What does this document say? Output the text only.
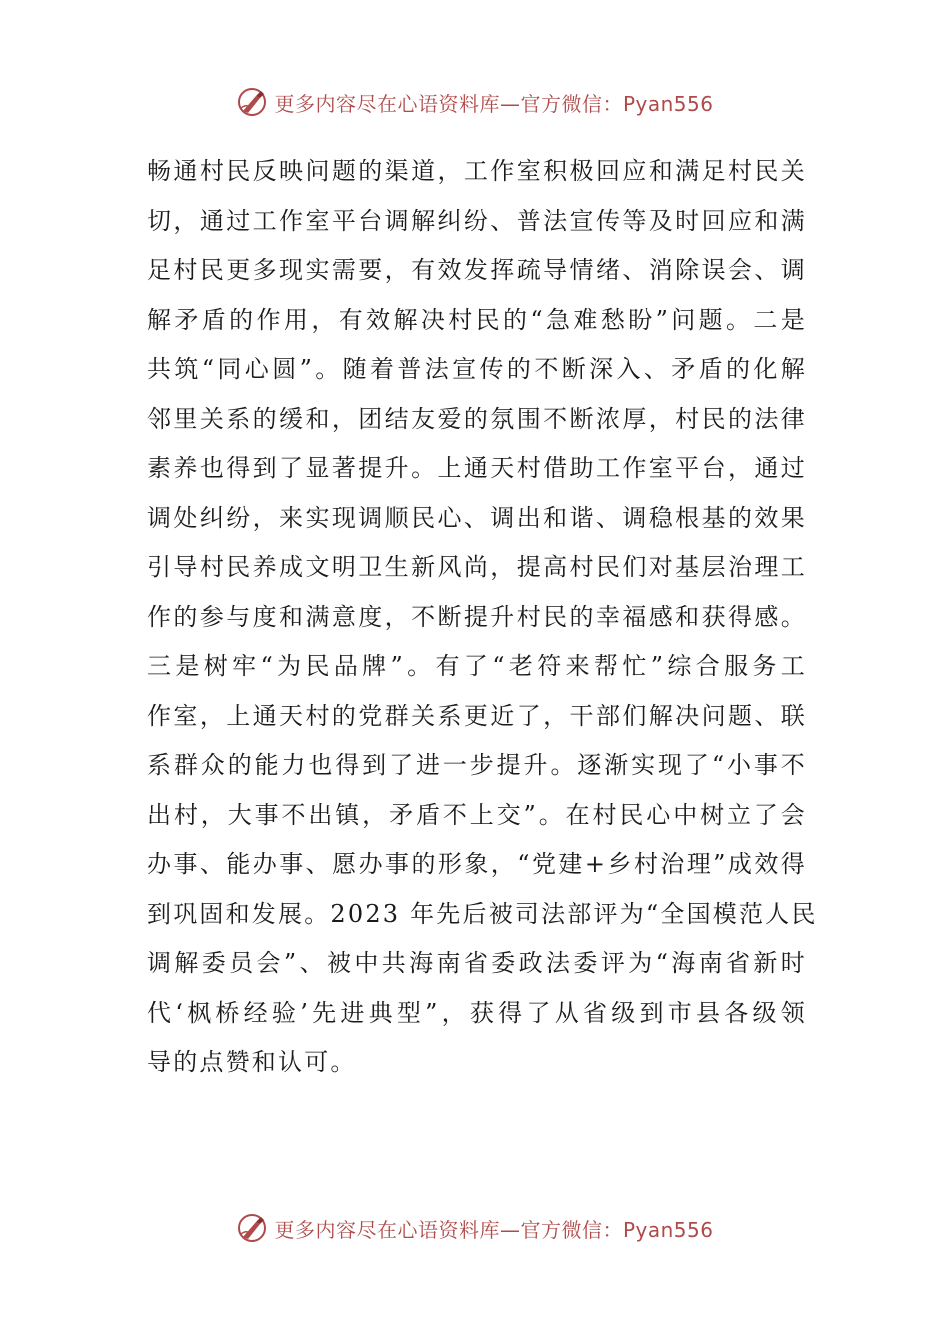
更多内容尽在心语资料库—官方微信：Pyan556
畅通村民反映问题的渠道，工作室积极回应和满足村民关
切，通过工作室平台调解纠纷、普法宣传等及时回应和满
足村民更多现实需要，有效发挥疏导情绪、消除误会、调
解矛盾的作用，有效解决村民的“急难愁盼”问题。二是
共筑“同心圆”。随着普法宣传的不断深入、矛盾的化解
邻里关系的缓和，团结友爱的氛围不断浓厚，村民的法律
素养也得到了显著提升。上通天村借助工作室平台，通过
调处纠纷，来实现调顺民心、调出和谐、调稳根基的效果
引导村民养成文明卫生新风尚，提高村民们对基层治理工
作的参与度和满意度，不断提升村民的幸福感和获得感。
三是树牢“为民品牌”。有了“老符来帮忙”综合服务工
作室，上通天村的党群关系更近了，干部们解决问题、联
系群众的能力也得到了进一步提升。逐渐实现了“小事不
出村，大事不出镇，矛盾不上交”。在村民心中树立了会
办事、能办事、愿办事的形象，“党建+乡村治理”成效得
到巩固和发展。2023 年先后被司法部评为“全国模范人民
调解委员会”、被中共海南省委政法委评为“海南省新时
代‘枫桥经验’先进典型”，获得了从省级到市县各级领
导的点赞和认可。
更多内容尽在心语资料库—官方微信：Pyan556
